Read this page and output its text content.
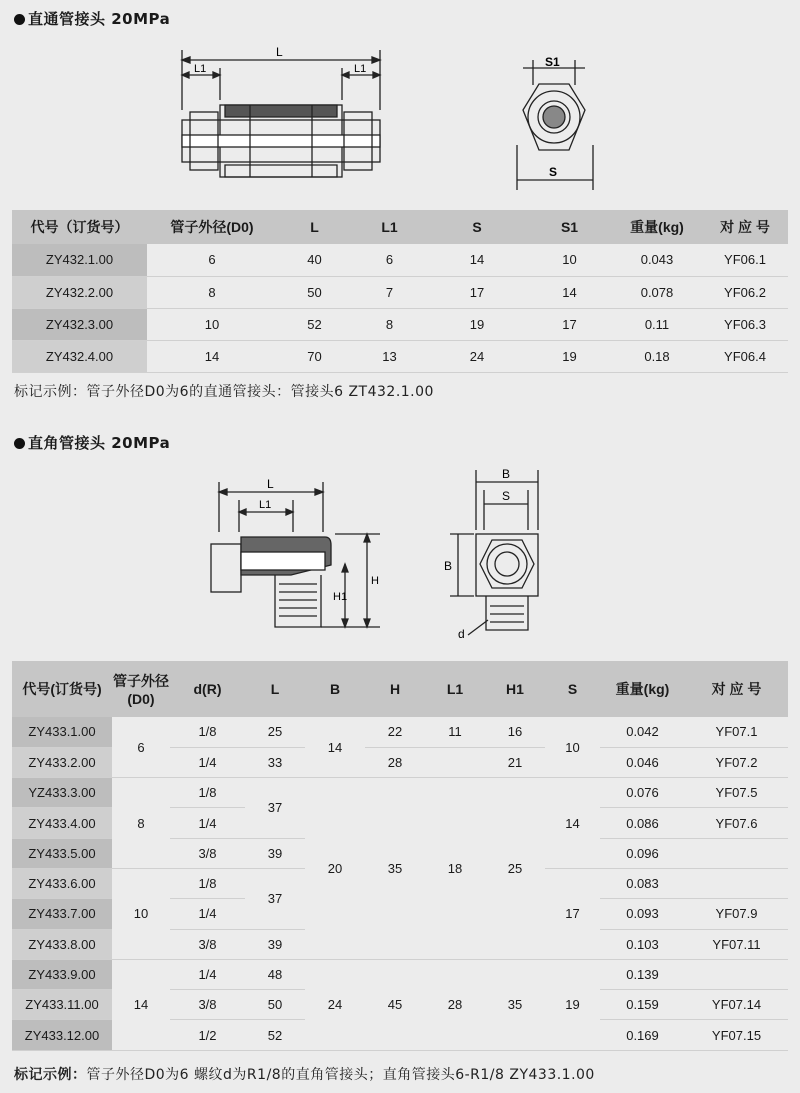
直通管接头 20MPa
L
L1	L1	S1
S
代号（订货号）	管子外径(D0)	L	L1	S	S1	重量(kg)	对 应 号
ZY432.1.00	6	40	6	14	10	0.043	YF06.1
ZY432.2.00	8	50	7	17	14	0.078	YF06.2
ZY432.3.00	10	52	8	19	17	0.11	YF06.3
ZY432.4.00	14	70	13	24	19	0.18	YF06.4
标记示例：管子外径D0为6的直通管接头：管接头6 ZT432.1.00
直角管接头 20MPa
L
L1
H
H1
B
S
B
d
代号(订货号)	管子外径(D0)	d(R)	L	B	H	L1	H1	S	重量(kg)	对 应 号
ZY433.1.00	6	1/8	25	14	22	11	16	10	0.042	YF07.1
ZY433.2.00		1/4	33		28		21		0.046	YF07.2
YZ433.3.00	8	1/8	37	20	35	18	25	14	0.076	YF07.5
ZY433.4.00		1/4							0.086	YF07.6
ZY433.5.00		3/8	39						0.096	
ZY433.6.00	10	1/8	37					17	0.083	
ZY433.7.00		1/4							0.093	YF07.9
ZY433.8.00		3/8	39						0.103	YF07.11
ZY433.9.00	14	1/4	48	24	45	28	35	19	0.139	
ZY433.11.00		3/8	50						0.159	YF07.14
ZY433.12.00		1/2	52						0.169	YF07.15
标记示例：管子外径D0为6 螺纹d为R1/8的直角管接头；直角管接头6-R1/8 ZY433.1.00
